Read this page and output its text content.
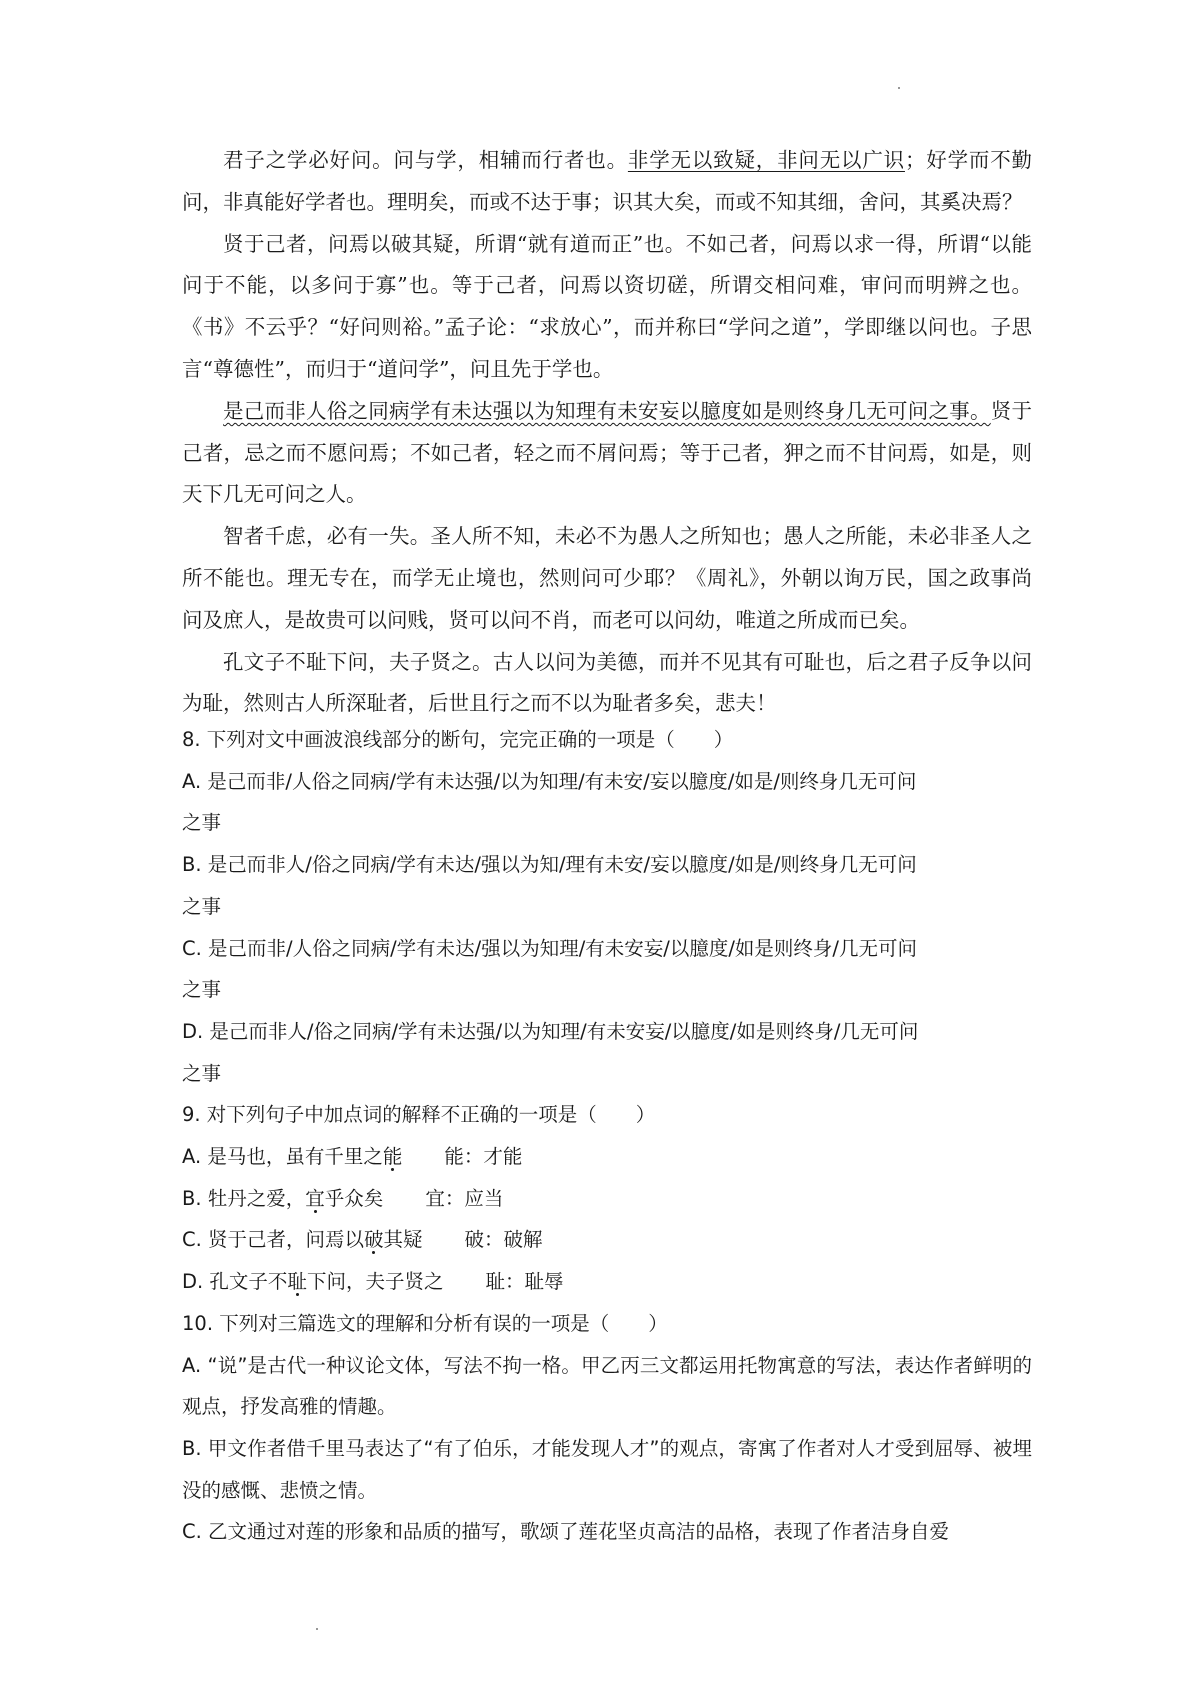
君子之学必好问。问与学，相辅而行者也。非学无以致疑，非问无以广识；好学而不勤问，非真能好学者也。理明矣，而或不达于事；识其大矣，而或不知其细，舍问，其奚决焉？

贤于己者，问焉以破其疑，所谓“就有道而正”也。不如己者，问焉以求一得，所谓“以能问于不能，以多问于寡”也。等于己者，问焉以资切磋，所谓交相问难，审问而明辨之也。《书》不云乎？“好问则裕。”孟子论：“求放心”，而并称曰“学问之道”，学即继以问也。子思言“尊德性”，而归于“道问学”，问且先于学也。

是己而非人俗之同病学有未达强以为知理有未安妄以臆度如是则终身几无可问之事。贤于己者，忌之而不愿问焉；不如己者，轻之而不屑问焉；等于己者，狎之而不甘问焉，如是，则天下几无可问之人。

智者千虑，必有一失。圣人所不知，未必不为愚人之所知也；愚人之所能，未必非圣人之所不能也。理无专在，而学无止境也，然则问可少耶？《周礼》，外朝以询万民，国之政事尚问及庶人，是故贵可以问贱，贤可以问不肖，而老可以问幼，唯道之所成而已矣。

孔文子不耻下问，夫子贤之。古人以问为美德，而并不见其有可耻也，后之君子反争以问为耻，然则古人所深耻者，后世且行之而不以为耻者多矣，悲夫！

8. 下列对文中画波浪线部分的断句，完完正确的一项是（　　）

A. 是己而非/人俗之同病/学有未达强/以为知理/有未安/妄以臆度/如是/则终身几无可问

之事

B. 是己而非人/俗之同病/学有未达/强以为知/理有未安/妄以臆度/如是/则终身几无可问

之事

C. 是己而非/人俗之同病/学有未达/强以为知理/有未安妄/以臆度/如是则终身/几无可问

之事

D. 是己而非人/俗之同病/学有未达强/以为知理/有未安妄/以臆度/如是则终身/几无可问

之事

9. 对下列句子中加点词的解释不正确的一项是（　　）

A. 是马也，虽有千里之能 能：才能

B. 牡丹之爱，宜乎众矣 宜：应当

C. 贤于己者，问焉以破其疑 破：破解

D. 孔文子不耻下问，夫子贤之 耻：耻辱

10. 下列对三篇选文的理解和分析有误的一项是（　　）

A. “说”是古代一种议论文体，写法不拘一格。甲乙丙三文都运用托物寓意的写法，表达作者鲜明的观点，抒发高雅的情趣。

B. 甲文作者借千里马表达了“有了伯乐，才能发现人才”的观点，寄寓了作者对人才受到屈辱、被埋没的感慨、悲愤之情。

C. 乙文通过对莲的形象和品质的描写，歌颂了莲花坚贞高洁的品格，表现了作者洁身自爱
